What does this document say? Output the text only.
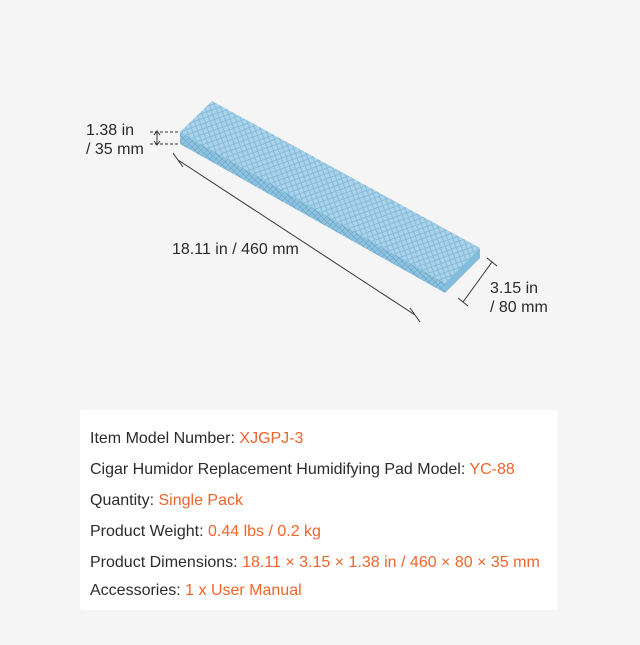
18.11 in / 460 mm
1.38 in
/ 35 mm
3.15 in
/ 80 mm
Item Model Number: XJGPJ-3
Cigar Humidor Replacement Humidifying Pad Model: YC-88
Quantity: Single Pack
Product Weight: 0.44 lbs / 0.2 kg
Product Dimensions: 18.11 × 3.15 × 1.38 in / 460 × 80 × 35 mm
Accessories: 1 x User Manual
